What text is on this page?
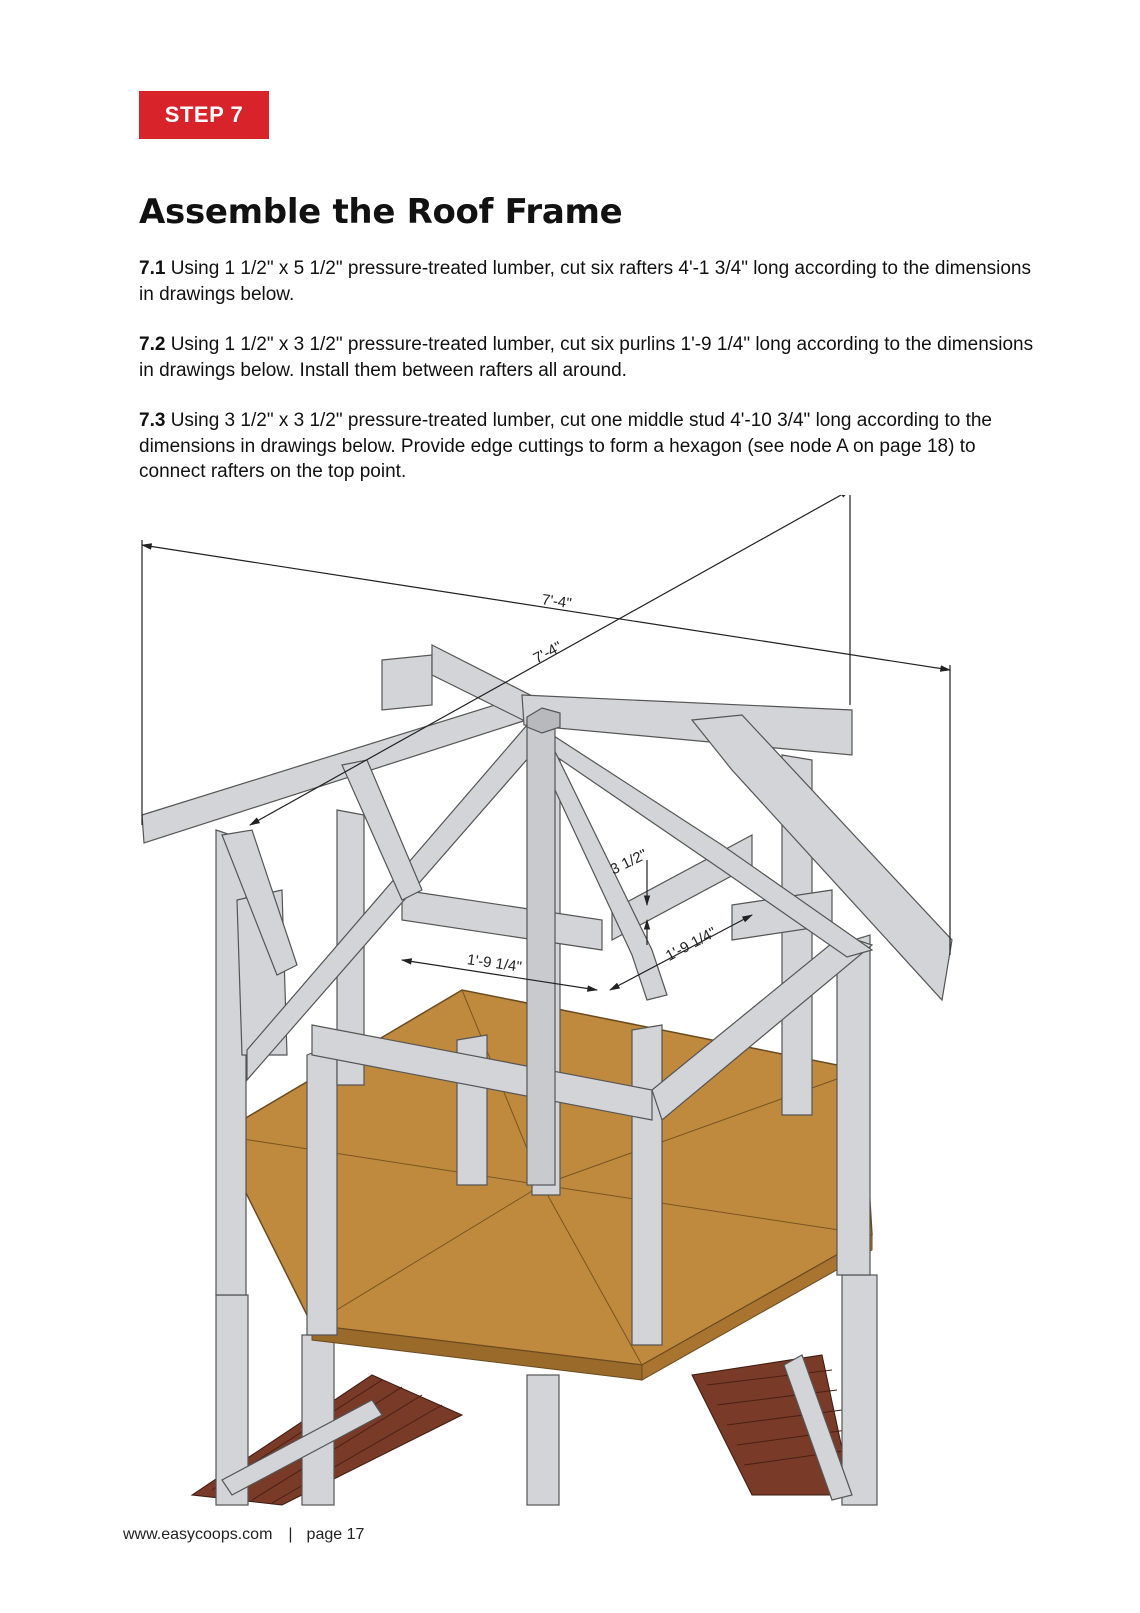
STEP 7
Assemble the Roof Frame

7.1 Using 1 1/2" x 5 1/2" pressure-treated lumber, cut six rafters 4'-1 3/4" long according to the dimensions in drawings below.

7.2 Using 1 1/2" x 3 1/2" pressure-treated lumber, cut six purlins 1'-9 1/4" long according to the dimensions in drawings below. Install them between rafters all around.

7.3 Using 3 1/2" x 3 1/2" pressure-treated lumber, cut one middle stud 4'-10 3/4" long according to the dimensions in drawings below. Provide edge cuttings to form a hexagon (see node A on page 18) to connect rafters on the top point.

7'-4"
7'-4"
3 1/2"
1'-9 1/4"	1'-9 1/4"
www.easycoops.com | page 17
